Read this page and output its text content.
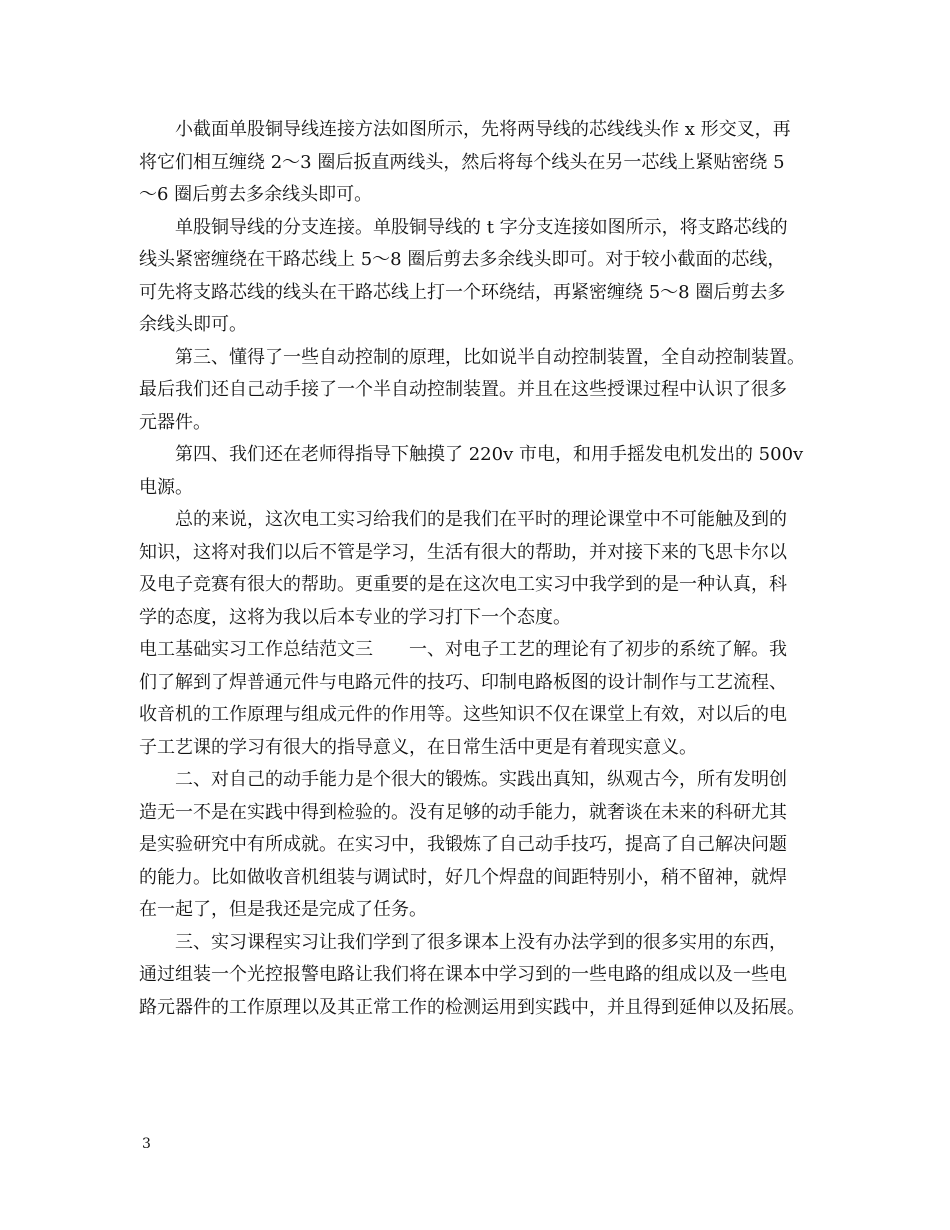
　　小截面单股铜导线连接方法如图所示，先将两导线的芯线线头作 x 形交叉，再
将它们相互缠绕 2～3 圈后扳直两线头，然后将每个线头在另一芯线上紧贴密绕 5
～6 圈后剪去多余线头即可。
　　单股铜导线的分支连接。单股铜导线的 t 字分支连接如图所示，将支路芯线的
线头紧密缠绕在干路芯线上 5～8 圈后剪去多余线头即可。对于较小截面的芯线，
可先将支路芯线的线头在干路芯线上打一个环绕结，再紧密缠绕 5～8 圈后剪去多
余线头即可。
　　第三、懂得了一些自动控制的原理，比如说半自动控制装置，全自动控制装置。
最后我们还自己动手接了一个半自动控制装置。并且在这些授课过程中认识了很多
元器件。
　　第四、我们还在老师得指导下触摸了 220v 市电，和用手摇发电机发出的 500v
电源。
　　总的来说，这次电工实习给我们的是我们在平时的理论课堂中不可能触及到的
知识，这将对我们以后不管是学习，生活有很大的帮助，并对接下来的飞思卡尔以
及电子竞赛有很大的帮助。更重要的是在这次电工实习中我学到的是一种认真，科
学的态度，这将为我以后本专业的学习打下一个态度。
电工基础实习工作总结范文三　　一、对电子工艺的理论有了初步的系统了解。我
们了解到了焊普通元件与电路元件的技巧、印制电路板图的设计制作与工艺流程、
收音机的工作原理与组成元件的作用等。这些知识不仅在课堂上有效，对以后的电
子工艺课的学习有很大的指导意义，在日常生活中更是有着现实意义。
　　二、对自己的动手能力是个很大的锻炼。实践出真知，纵观古今，所有发明创
造无一不是在实践中得到检验的。没有足够的动手能力，就奢谈在未来的科研尤其
是实验研究中有所成就。在实习中，我锻炼了自己动手技巧，提高了自己解决问题
的能力。比如做收音机组装与调试时，好几个焊盘的间距特别小，稍不留神，就焊
在一起了，但是我还是完成了任务。
　　三、实习课程实习让我们学到了很多课本上没有办法学到的很多实用的东西，
通过组装一个光控报警电路让我们将在课本中学习到的一些电路的组成以及一些电
路元器件的工作原理以及其正常工作的检测运用到实践中，并且得到延伸以及拓展。
3
